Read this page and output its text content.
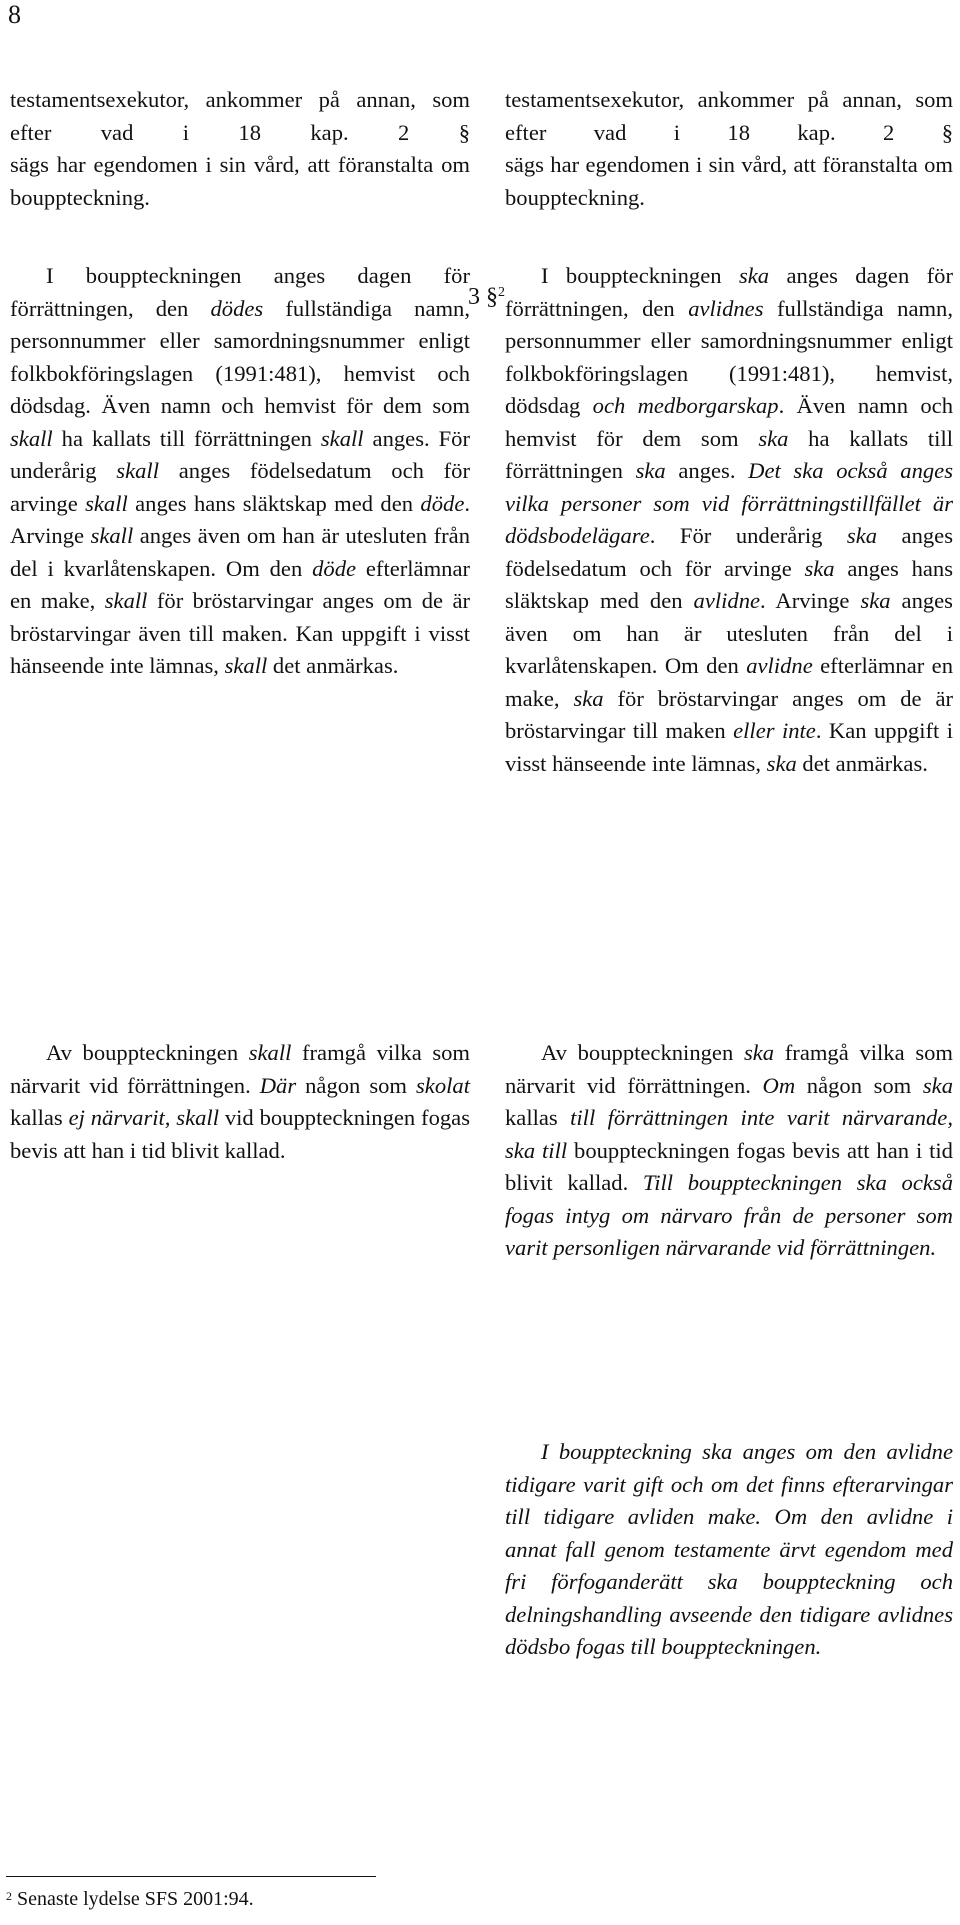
8

testamentsexekutor, ankommer på annan, som efter vad i 18 kap. 2 §

sägs har egendomen i sin vård, att föranstalta om bouppteckning.

I bouppteckningen anges dagen för förrättningen, den dödes fullständiga namn, personnummer eller samordningsnummer enligt folkbokföringslagen (1991:481), hemvist och dödsdag. Även namn och hemvist för dem som skall ha kallats till förrättningen skall anges. För underårig skall anges födelsedatum och för arvinge skall anges hans släktskap med den döde. Arvinge skall anges även om han är utesluten från del i kvarlåtenskapen. Om den döde efterlämnar en make, skall för bröstarvingar anges om de är bröstarvingar även till maken. Kan uppgift i visst hänseende inte lämnas, skall det anmärkas.

Av bouppteckningen skall framgå vilka som närvarit vid förrättningen. Där någon som skolat kallas ej närvarit, skall vid bouppteckningen fogas bevis att han i tid blivit kallad.

3 §$^2$

testamentsexekutor, ankommer på annan, som efter vad i 18 kap. 2 §

sägs har egendomen i sin vård, att föranstalta om bouppteckning.

I bouppteckningen ska anges dagen för förrättningen, den avlidnes fullständiga namn, personnummer eller samordningsnummer enligt folkbokföringslagen (1991:481), hemvist, dödsdag och medborgarskap. Även namn och hemvist för dem som ska ha kallats till förrättningen ska anges. Det ska också anges vilka personer som vid förrättningstillfället är dödsbodelägare. För underårig ska anges födelsedatum och för arvinge ska anges hans släktskap med den avlidne. Arvinge ska anges även om han är utesluten från del i kvarlåtenskapen. Om den avlidne efterlämnar en make, ska för bröstarvingar anges om de är bröstarvingar till maken eller inte. Kan uppgift i visst hänseende inte lämnas, ska det anmärkas.

Av bouppteckningen ska framgå vilka som närvarit vid förrättningen. Om någon som ska kallas till förrättningen inte varit närvarande, ska till bouppteckningen fogas bevis att han i tid blivit kallad. Till bouppteckningen ska också fogas intyg om närvaro från de personer som varit personligen närvarande vid förrättningen.

I bouppteckning ska anges om den avlidne tidigare varit gift och om det finns efterarvingar till tidigare avliden make. Om den avlidne i annat fall genom testamente ärvt egendom med fri förfoganderätt ska bouppteckning och delningshandling avseende den tidigare avlidnes dödsbo fogas till bouppteckningen.

$^2$ Senaste lydelse SFS 2001:94.
